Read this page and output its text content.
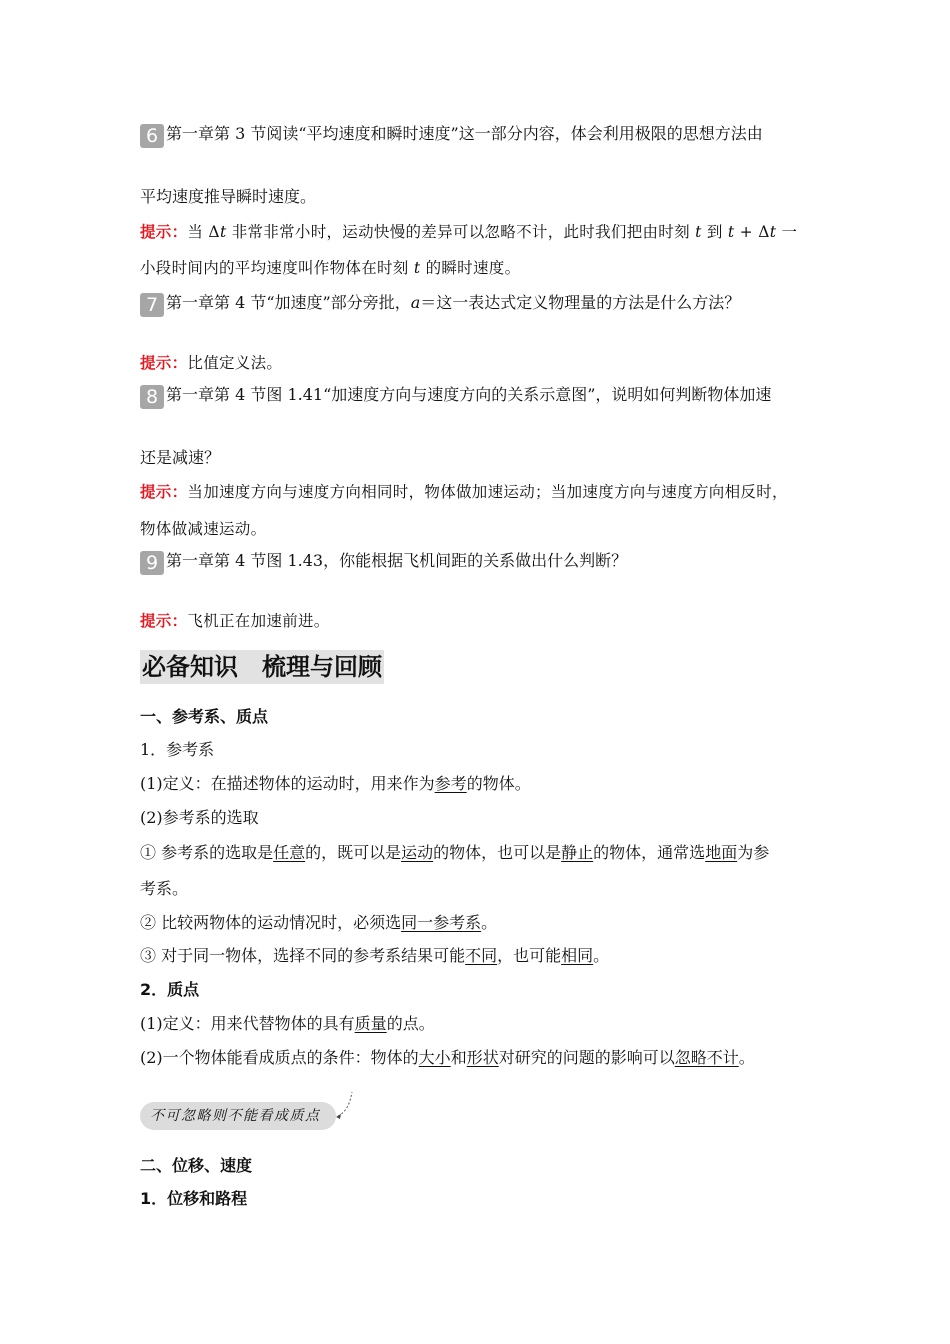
6 第一章第 3 节阅读“平均速度和瞬时速度”这一部分内容，体会利用极限的思想方法由
平均速度推导瞬时速度。
提示：当 Δt 非常非常小时，运动快慢的差异可以忽略不计，此时我们把由时刻 t 到 t + Δt 一
小段时间内的平均速度叫作物体在时刻 t 的瞬时速度。
7 第一章第 4 节“加速度”部分旁批，a＝这一表达式定义物理量的方法是什么方法？
提示：比值定义法。
8 第一章第 4 节图 1.41“加速度方向与速度方向的关系示意图”，说明如何判断物体加速
还是减速？
提示：当加速度方向与速度方向相同时，物体做加速运动；当加速度方向与速度方向相反时，
物体做减速运动。
9 第一章第 4 节图 1.43，你能根据飞机间距的关系做出什么判断？
提示：飞机正在加速前进。
必备知识　梳理与回顾
一、参考系、质点
1．参考系
(1)定义：在描述物体的运动时，用来作为参考的物体。
(2)参考系的选取
① 参考系的选取是任意的，既可以是运动的物体，也可以是静止的物体，通常选地面为参
考系。
② 比较两物体的运动情况时，必须选同一参考系。
③ 对于同一物体，选择不同的参考系结果可能不同，也可能相同。
2．质点
(1)定义：用来代替物体的具有质量的点。
(2)一个物体能看成质点的条件：物体的大小和形状对研究的问题的影响可以忽略不计。
不可忽略则不能看成质点
二、位移、速度
1．位移和路程
